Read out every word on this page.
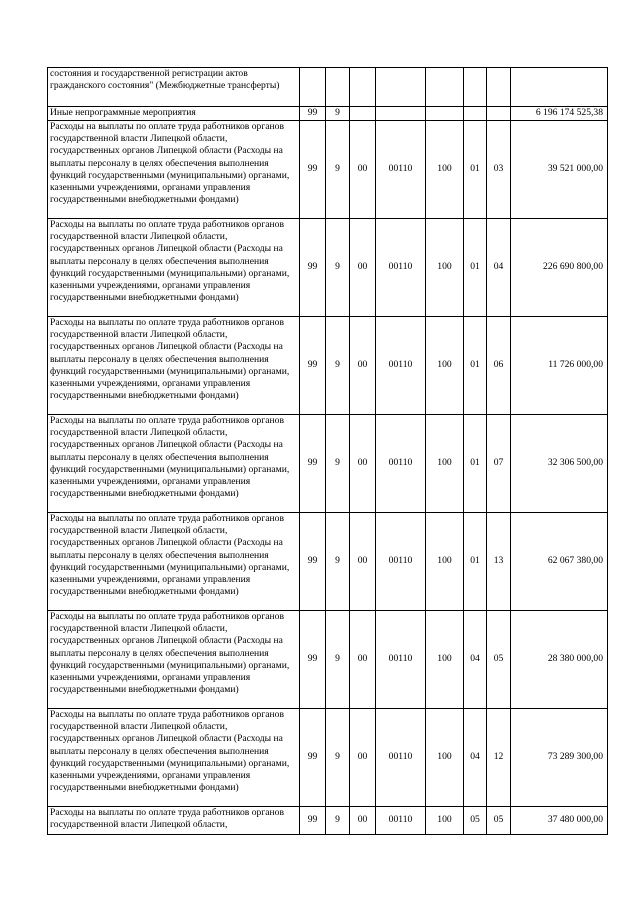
состояния и государственной регистрации актов гражданского состояния" (Межбюджетные трансферты)								
Иные непрограммные мероприятия	99	9						6 196 174 525,38
Расходы на выплаты по оплате труда работников органов государственной власти Липецкой области, государственных органов Липецкой области (Расходы на выплаты персоналу в целях обеспечения выполнения функций государственными (муниципальными) органами, казенными учреждениями, органами управления государственными внебюджетными фондами)	99	9	00	00110	100	01	03	39 521 000,00
Расходы на выплаты по оплате труда работников органов государственной власти Липецкой области, государственных органов Липецкой области (Расходы на выплаты персоналу в целях обеспечения выполнения функций государственными (муниципальными) органами, казенными учреждениями, органами управления государственными внебюджетными фондами)	99	9	00	00110	100	01	04	226 690 800,00
Расходы на выплаты по оплате труда работников органов государственной власти Липецкой области, государственных органов Липецкой области (Расходы на выплаты персоналу в целях обеспечения выполнения функций государственными (муниципальными) органами, казенными учреждениями, органами управления государственными внебюджетными фондами)	99	9	00	00110	100	01	06	11 726 000,00
Расходы на выплаты по оплате труда работников органов государственной власти Липецкой области, государственных органов Липецкой области (Расходы на выплаты персоналу в целях обеспечения выполнения функций государственными (муниципальными) органами, казенными учреждениями, органами управления государственными внебюджетными фондами)	99	9	00	00110	100	01	07	32 306 500,00
Расходы на выплаты по оплате труда работников органов государственной власти Липецкой области, государственных органов Липецкой области (Расходы на выплаты персоналу в целях обеспечения выполнения функций государственными (муниципальными) органами, казенными учреждениями, органами управления государственными внебюджетными фондами)	99	9	00	00110	100	01	13	62 067 380,00
Расходы на выплаты по оплате труда работников органов государственной власти Липецкой области, государственных органов Липецкой области (Расходы на выплаты персоналу в целях обеспечения выполнения функций государственными (муниципальными) органами, казенными учреждениями, органами управления государственными внебюджетными фондами)	99	9	00	00110	100	04	05	28 380 000,00
Расходы на выплаты по оплате труда работников органов государственной власти Липецкой области, государственных органов Липецкой области (Расходы на выплаты персоналу в целях обеспечения выполнения функций государственными (муниципальными) органами, казенными учреждениями, органами управления государственными внебюджетными фондами)	99	9	00	00110	100	04	12	73 289 300,00
Расходы на выплаты по оплате труда работников органов государственной власти Липецкой области,	99	9	00	00110	100	05	05	37 480 000,00
